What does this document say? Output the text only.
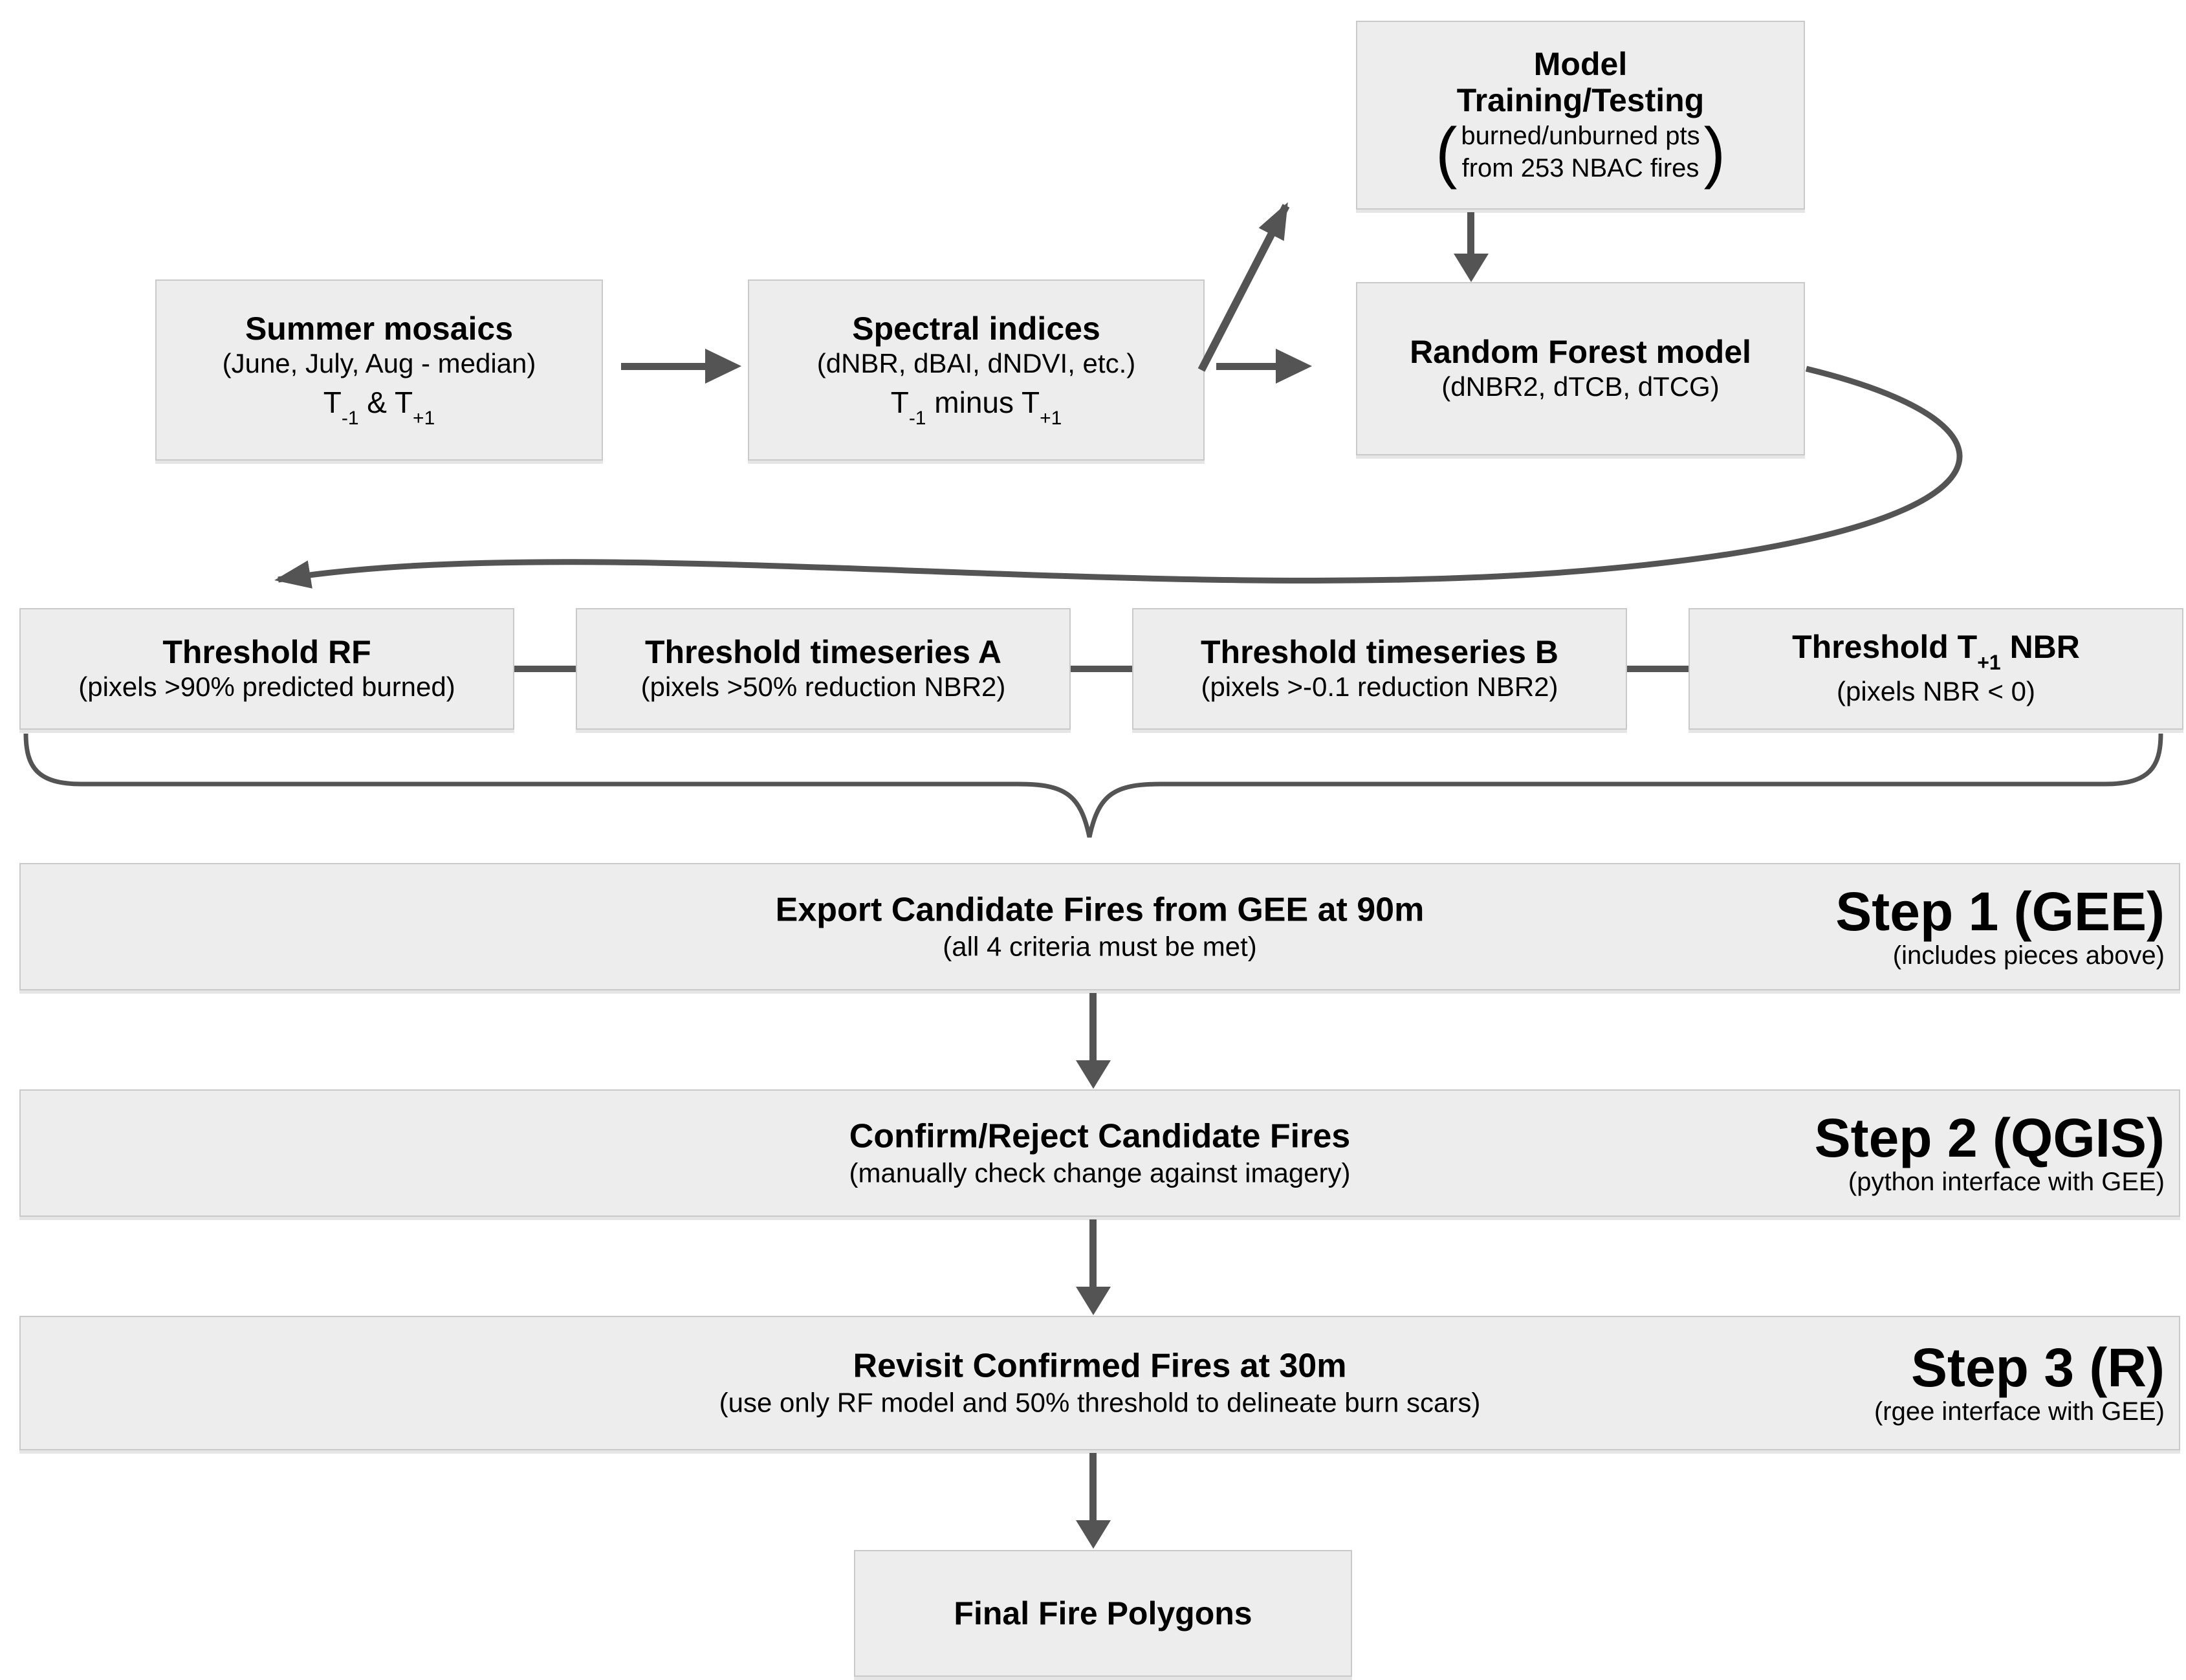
Summer mosaics
(June, July, Aug - median)
$T_{-1}$ & $T_{+1}$
Spectral indices
(dNBR, dBAI, dNDVI, etc.)
$T_{-1}$ minus $T_{+1}$
Model
Training/Testing
( burned/unburned pts
from 253 NBAC fires )
Random Forest model
(dNBR2, dTCB, dTCG)
Threshold RF
(pixels >90% predicted burned)
Threshold timeseries A
(pixels >50% reduction NBR2)
Threshold timeseries B
(pixels >-0.1 reduction NBR2)
Threshold $T_{+1}$ NBR
(pixels NBR < 0)
Export Candidate Fires from GEE at 90m
(all 4 criteria must be met)
Step 1 (GEE)
(includes pieces above)
Confirm/Reject Candidate Fires
(manually check change against imagery)
Step 2 (QGIS)
(python interface with GEE)
Revisit Confirmed Fires at 30m
(use only RF model and 50% threshold to delineate burn scars)
Step 3 (R)
(rgee interface with GEE)
Final Fire Polygons
